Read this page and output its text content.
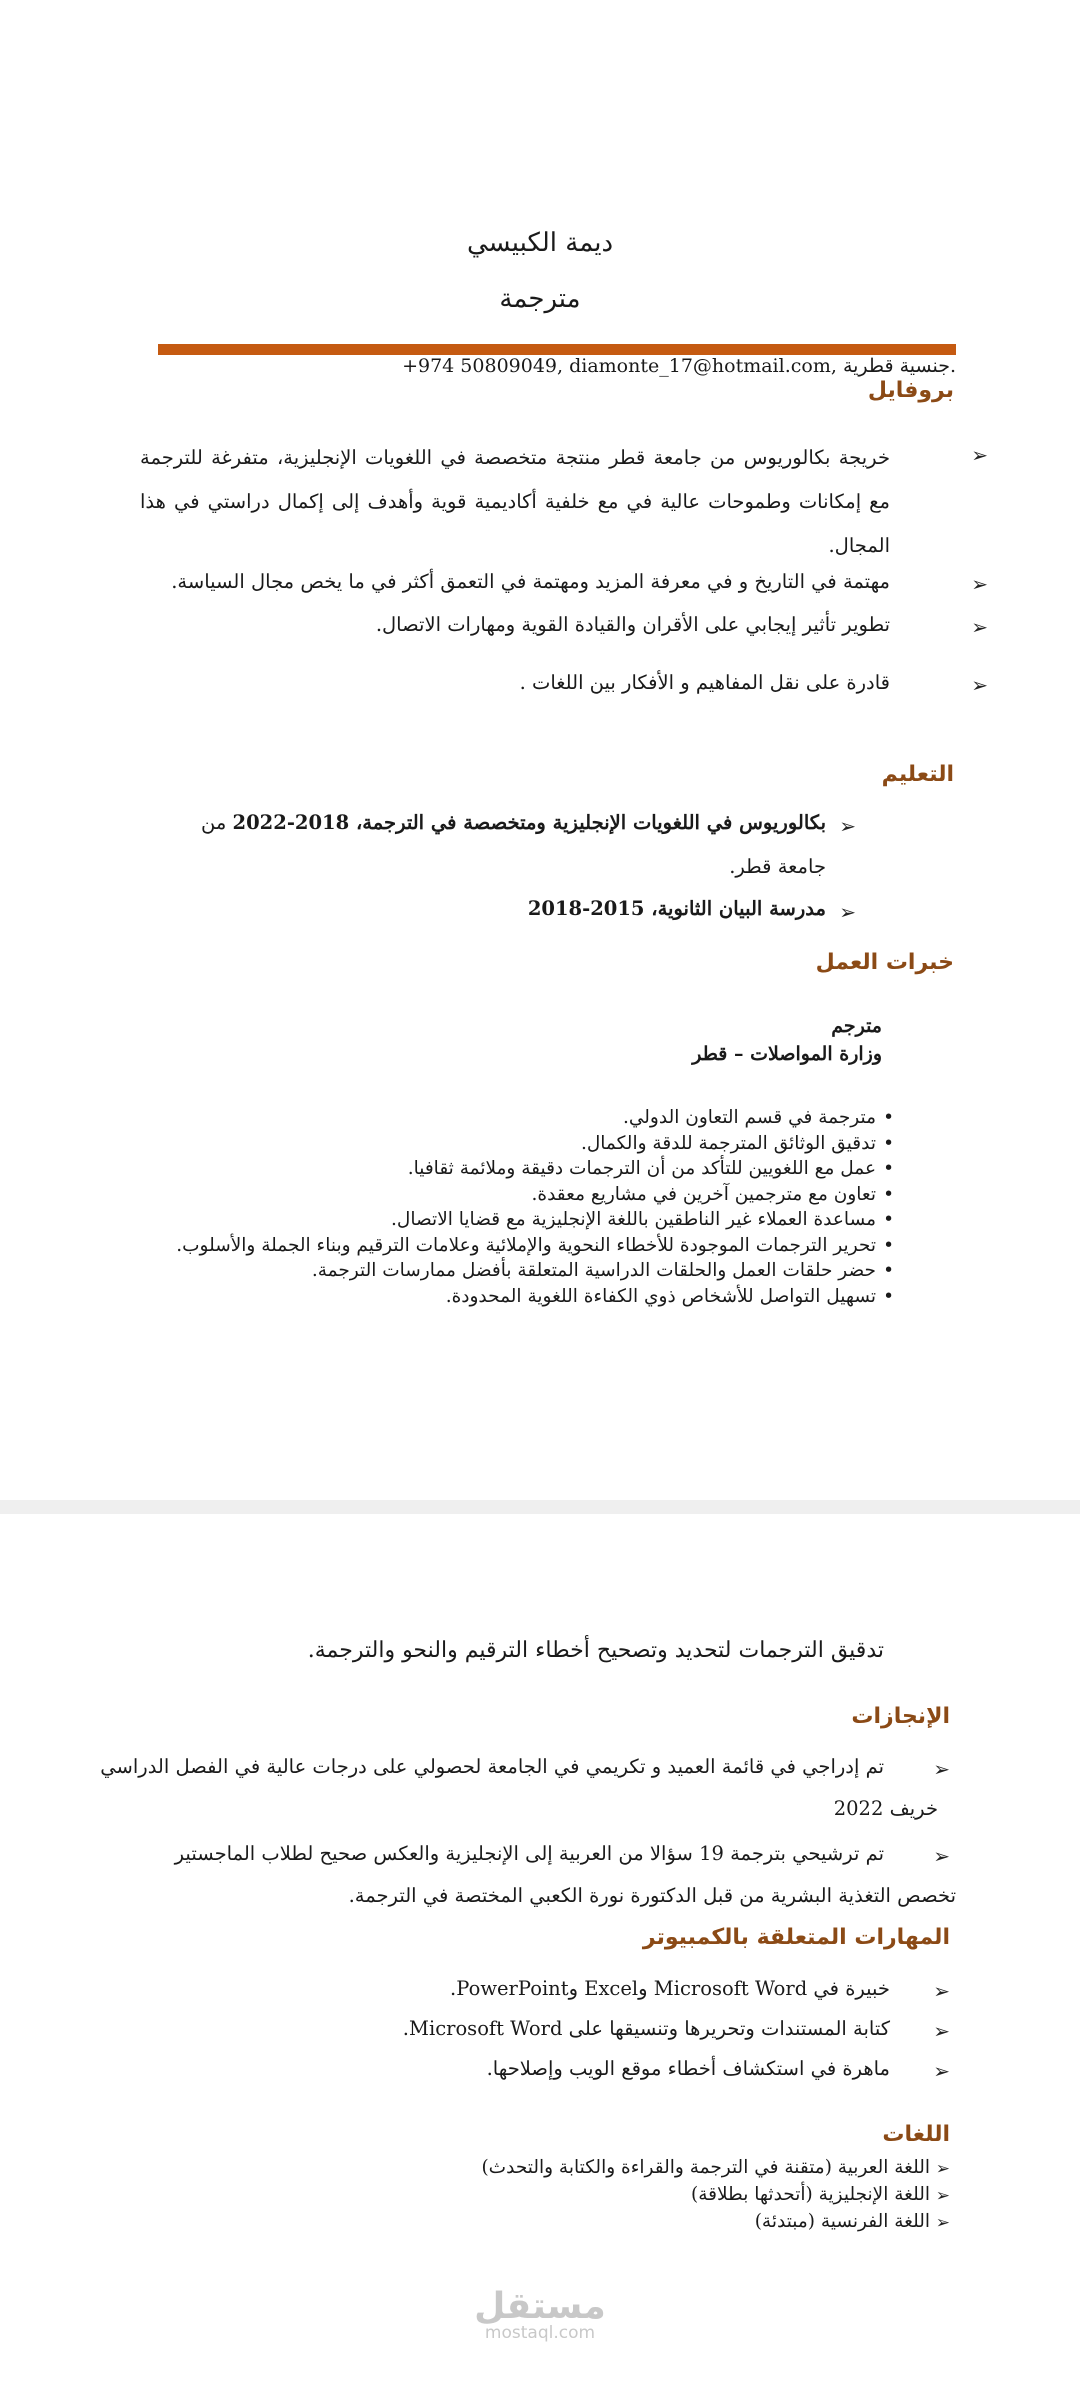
ديمة الكبيسي
مترجمة
+974 50809049, diamonte_17@hotmail.com, جنسية قطرية.
بروفايل
➢
خريجة بكالوريوس من جامعة قطر منتجة متخصصة في اللغويات الإنجليزية، متفرغة للترجمة مع إمكانات وطموحات عالية في مع خلفية أكاديمية قوية وأهدف إلى إكمال دراستي في هذا المجال.
➢
مهتمة في التاريخ و في معرفة المزيد ومهتمة في التعمق أكثر في ما يخص مجال السياسة.
➢
تطوير تأثير إيجابي على الأقران والقيادة القوية ومهارات الاتصال.
➢
قادرة على نقل المفاهيم و الأفكار بين اللغات .
التعليم
➢
بكالوريوس في اللغويات الإنجليزية ومتخصصة في الترجمة، 2018-2022 من
جامعة قطر.
➢
مدرسة البيان الثانوية، 2015-2018
خبرات العمل
مترجم
وزارة المواصلات – قطر
• مترجمة في قسم التعاون الدولي.
• تدقيق الوثائق المترجمة للدقة والكمال.
• عمل مع اللغويين للتأكد من أن الترجمات دقيقة وملائمة ثقافيا.
• تعاون مع مترجمين آخرين في مشاريع معقدة.
• مساعدة العملاء غير الناطقين باللغة الإنجليزية مع قضايا الاتصال.
• تحرير الترجمات الموجودة للأخطاء النحوية والإملائية وعلامات الترقيم وبناء الجملة والأسلوب.
• حضر حلقات العمل والحلقات الدراسية المتعلقة بأفضل ممارسات الترجمة.
• تسهيل التواصل للأشخاص ذوي الكفاءة اللغوية المحدودة.
تدقيق الترجمات لتحديد وتصحيح أخطاء الترقيم والنحو والترجمة.
الإنجازات
➢
تم إدراجي في قائمة العميد و تكريمي في الجامعة لحصولي على درجات عالية في الفصل الدراسي
خريف 2022
➢
تم ترشيحي بترجمة 19 سؤالا من العربية إلى الإنجليزية والعكس صحيح لطلاب الماجستير
تخصص التغذية البشرية من قبل الدكتورة نورة الكعبي المختصة في الترجمة.
المهارات المتعلقة بالكمبيوتر
➢
خبيرة في Microsoft Word وExcel وPowerPoint.
➢
كتابة المستندات وتحريرها وتنسيقها على Microsoft Word.
➢
ماهرة في استكشاف أخطاء موقع الويب وإصلاحها.
اللغات
➢
اللغة العربية (متقنة في الترجمة والقراءة والكتابة والتحدث)
➢
اللغة الإنجليزية (أتحدثها بطلاقة)
➢
اللغة الفرنسية (مبتدئة)
مستقل
mostaql.com
